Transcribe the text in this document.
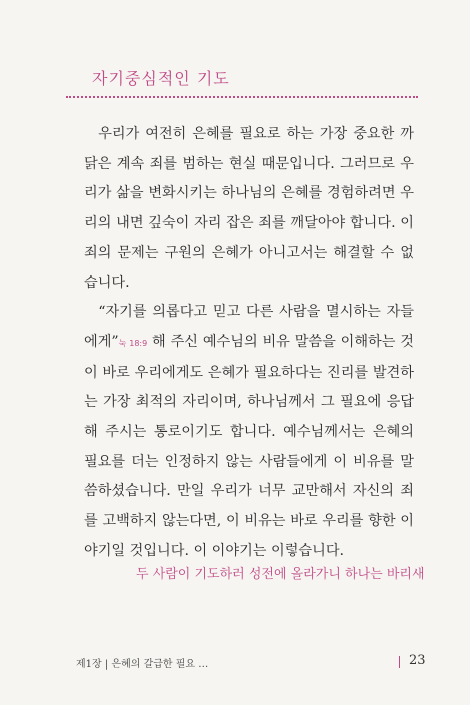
자기중심적인 기도

우리가 여전히 은혜를 필요로 하는 가장 중요한 까닭은 계속 죄를 범하는 현실 때문입니다. 그러므로 우리가 삶을 변화시키는 하나님의 은혜를 경험하려면 우리의 내면 깊숙이 자리 잡은 죄를 깨달아야 합니다. 이 죄의 문제는 구원의 은혜가 아니고서는 해결할 수 없습니다.

“자기를 의롭다고 믿고 다른 사람을 멸시하는 자들에게”눅 18:9 해 주신 예수님의 비유 말씀을 이해하는 것이 바로 우리에게도 은혜가 필요하다는 진리를 발견하는 가장 최적의 자리이며, 하나님께서 그 필요에 응답해 주시는 통로이기도 합니다. 예수님께서는 은혜의 필요를 더는 인정하지 않는 사람들에게 이 비유를 말씀하셨습니다. 만일 우리가 너무 교만해서 자신의 죄를 고백하지 않는다면, 이 비유는 바로 우리를 향한 이야기일 것입니다. 이 이야기는 이렇습니다.

두 사람이 기도하러 성전에 올라가니 하나는 바리새
제1장 | 은혜의 갈급한 필요 …	23
